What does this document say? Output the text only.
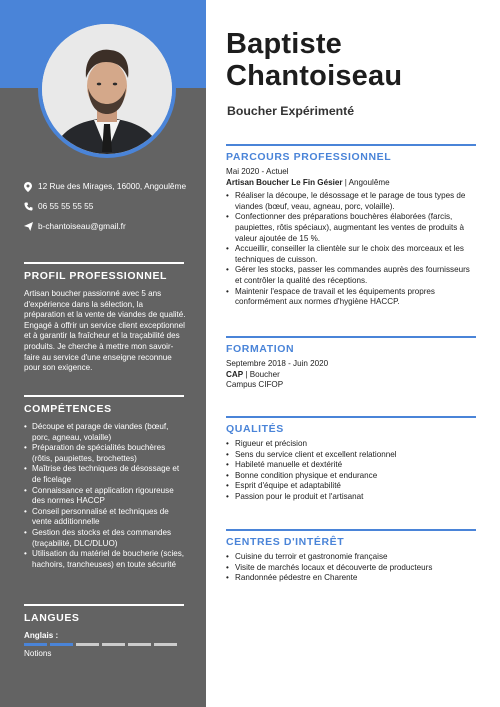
12 Rue des Mirages, 16000, Angoulême
06 55 55 55 55
b-chantoiseau@gmail.fr
PROFIL PROFESSIONNEL
Artisan boucher passionné avec 5 ans d'expérience dans la sélection, la préparation et la vente de viandes de qualité. Engagé à offrir un service client exceptionnel et à garantir la fraîcheur et la traçabilité des produits. Je cherche à mettre mon savoir-faire au service d'une enseigne reconnue pour son exigence.
COMPÉTENCES
• Découpe et parage de viandes (bœuf, porc, agneau, volaille)
• Préparation de spécialités bouchères (rôtis, paupiettes, brochettes)
• Maîtrise des techniques de désossage et de ficelage
• Connaissance et application rigoureuse des normes HACCP
• Conseil personnalisé et techniques de vente additionnelle
• Gestion des stocks et des commandes (traçabilité, DLC/DLUO)
• Utilisation du matériel de boucherie (scies, hachoirs, trancheuses) en toute sécurité
LANGUES
Anglais :
Notions
Baptiste
Chantoiseau
Boucher Expérimenté
PARCOURS PROFESSIONNEL
Mai 2020 - Actuel
Artisan Boucher Le Fin Gésier | Angoulême
• Réaliser la découpe, le désossage et le parage de tous types de viandes (bœuf, veau, agneau, porc, volaille).
• Confectionner des préparations bouchères élaborées (farcis, paupiettes, rôtis spéciaux), augmentant les ventes de produits à valeur ajoutée de 15 %.
• Accueillir, conseiller la clientèle sur le choix des morceaux et les techniques de cuisson.
• Gérer les stocks, passer les commandes auprès des fournisseurs et contrôler la qualité des réceptions.
• Maintenir l'espace de travail et les équipements propres conformément aux normes d'hygiène HACCP.
FORMATION
Septembre 2018 - Juin 2020
CAP | Boucher
Campus CIFOP
QUALITÉS
• Rigueur et précision
• Sens du service client et excellent relationnel
• Habileté manuelle et dextérité
• Bonne condition physique et endurance
• Esprit d'équipe et adaptabilité
• Passion pour le produit et l'artisanat
CENTRES D'INTÉRÊT
• Cuisine du terroir et gastronomie française
• Visite de marchés locaux et découverte de producteurs
• Randonnée pédestre en Charente
